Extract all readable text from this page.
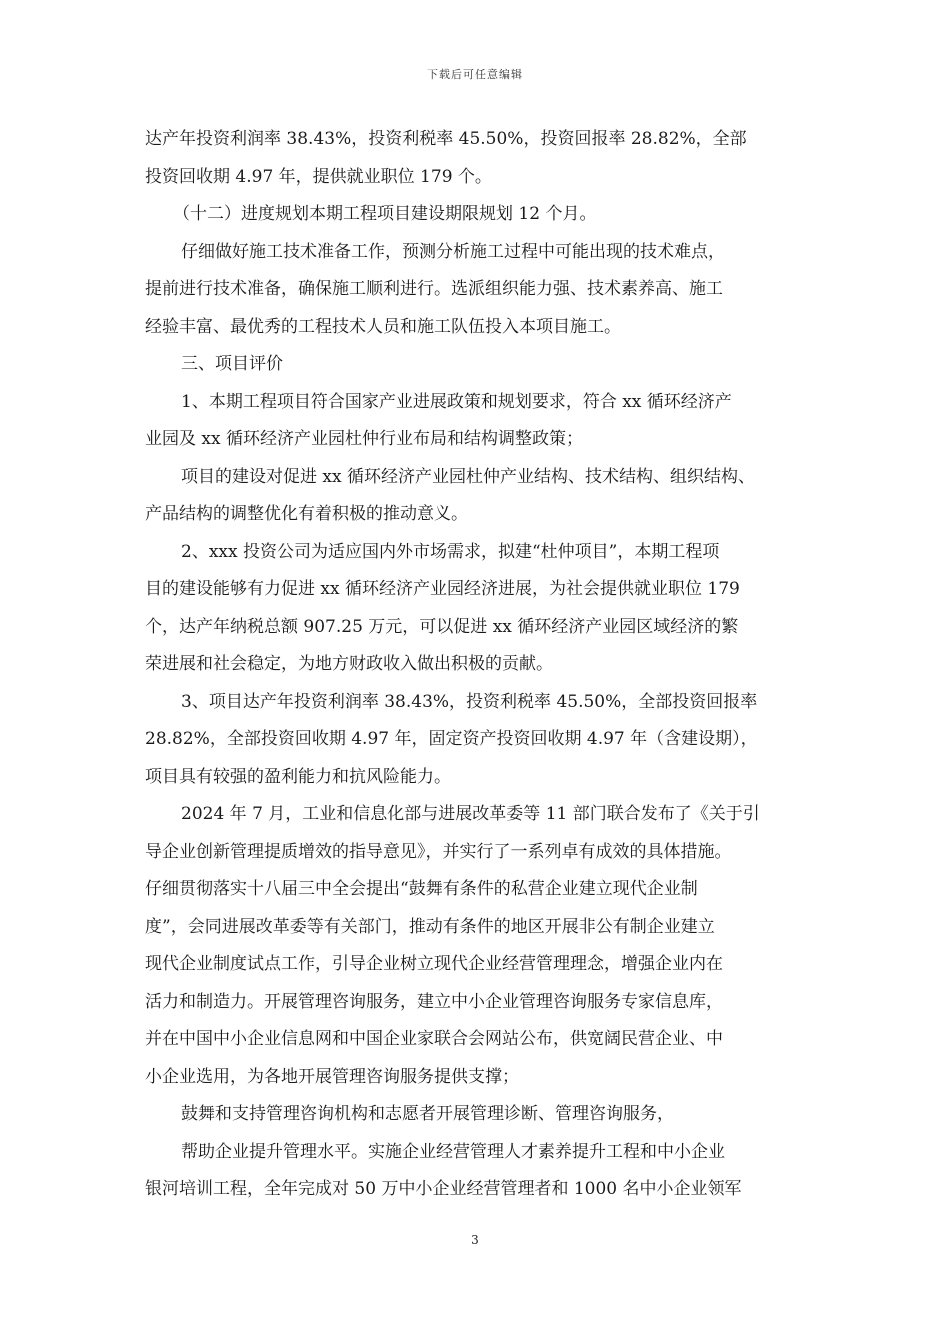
下载后可任意编辑
达产年投资利润率 38.43%，投资利税率 45.50%，投资回报率 28.82%，全部
投资回收期 4.97 年，提供就业职位 179 个。
（十二）进度规划本期工程项目建设期限规划 12 个月。
仔细做好施工技术准备工作，预测分析施工过程中可能出现的技术难点，
提前进行技术准备，确保施工顺利进行。选派组织能力强、技术素养高、施工
经验丰富、最优秀的工程技术人员和施工队伍投入本项目施工。
三、项目评价
1、本期工程项目符合国家产业进展政策和规划要求，符合 xx 循环经济产
业园及 xx 循环经济产业园杜仲行业布局和结构调整政策；
项目的建设对促进 xx 循环经济产业园杜仲产业结构、技术结构、组织结构、
产品结构的调整优化有着积极的推动意义。
2、xxx 投资公司为适应国内外市场需求，拟建“杜仲项目”，本期工程项
目的建设能够有力促进 xx 循环经济产业园经济进展，为社会提供就业职位 179
个，达产年纳税总额 907.25 万元，可以促进 xx 循环经济产业园区域经济的繁
荣进展和社会稳定，为地方财政收入做出积极的贡献。
3、项目达产年投资利润率 38.43%，投资利税率 45.50%，全部投资回报率
28.82%，全部投资回收期 4.97 年，固定资产投资回收期 4.97 年（含建设期），
项目具有较强的盈利能力和抗风险能力。
2024 年 7 月，工业和信息化部与进展改革委等 11 部门联合发布了《关于引
导企业创新管理提质增效的指导意见》，并实行了一系列卓有成效的具体措施。
仔细贯彻落实十八届三中全会提出“鼓舞有条件的私营企业建立现代企业制
度”，会同进展改革委等有关部门，推动有条件的地区开展非公有制企业建立
现代企业制度试点工作，引导企业树立现代企业经营管理理念，增强企业内在
活力和制造力。开展管理咨询服务，建立中小企业管理咨询服务专家信息库，
并在中国中小企业信息网和中国企业家联合会网站公布，供宽阔民营企业、中
小企业选用，为各地开展管理咨询服务提供支撑；
鼓舞和支持管理咨询机构和志愿者开展管理诊断、管理咨询服务，
帮助企业提升管理水平。实施企业经营管理人才素养提升工程和中小企业
银河培训工程，全年完成对 50 万中小企业经营管理者和 1000 名中小企业领军
3
